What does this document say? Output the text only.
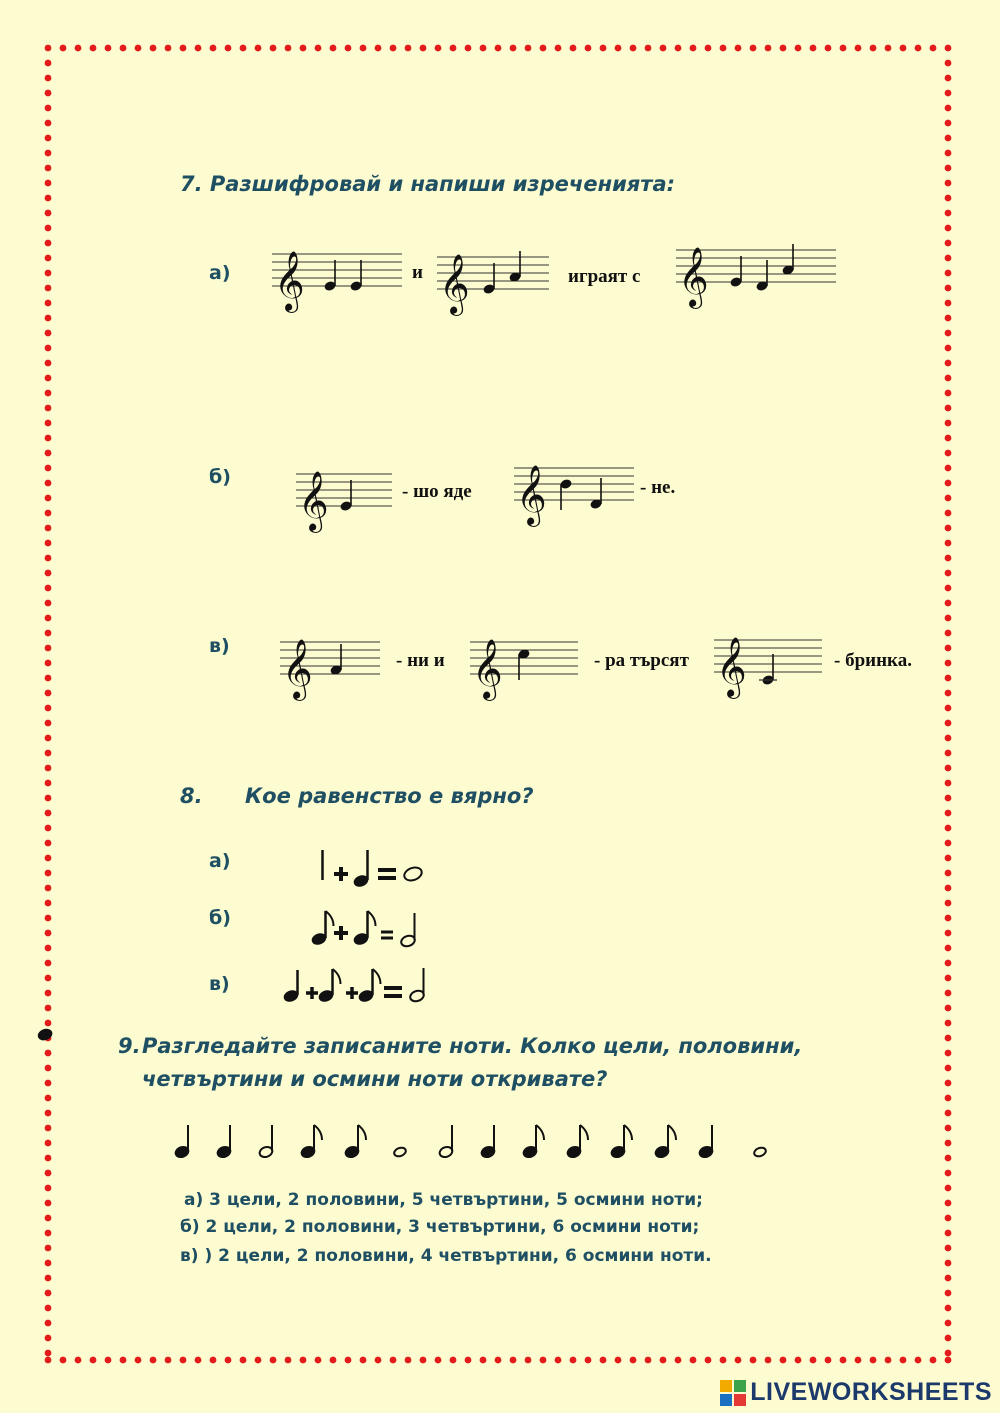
7. Разшифровай и напиши изреченията:
а) 𝄞	и 𝄞	играят с 𝄞
б) 𝄞	- шо яде 𝄞	- не.
в) 𝄞	- ни и 𝄞	- ра търсят 𝄞	- бринка.
8. Кое равенство е вярно?
а)
б)
в)
9. Разгледайте записаните ноти. Колко цели, половини,
четвъртини и осмини ноти откривате?
а) 3 цели, 2 половини, 5 четвъртини, 5 осмини ноти;
б) 2 цели, 2 половини, 3 четвъртини, 6 осмини ноти;
в) ) 2 цели, 2 половини, 4 четвъртини, 6 осмини ноти.
LIVEWORKSHEETS
